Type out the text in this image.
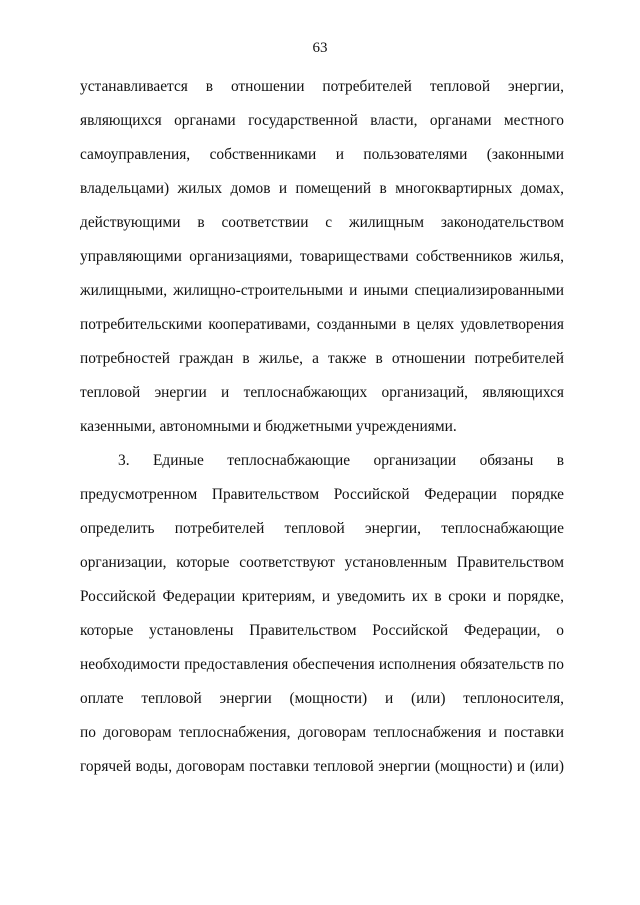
63
устанавливается в отношении потребителей тепловой энергии,
являющихся органами государственной власти, органами местного
самоуправления, собственниками и пользователями (законными
владельцами) жилых домов и помещений в многоквартирных домах,
действующими в соответствии с жилищным законодательством
управляющими организациями, товариществами собственников жилья,
жилищными, жилищно-строительными и иными специализированными
потребительскими кооперативами, созданными в целях удовлетворения
потребностей граждан в жилье, а также в отношении потребителей
тепловой энергии и теплоснабжающих организаций, являющихся
казенными, автономными и бюджетными учреждениями.
3. Единые теплоснабжающие организации обязаны в
предусмотренном Правительством Российской Федерации порядке
определить потребителей тепловой энергии, теплоснабжающие
организации, которые соответствуют установленным Правительством
Российской Федерации критериям, и уведомить их в сроки и порядке,
которые установлены Правительством Российской Федерации, о
необходимости предоставления обеспечения исполнения обязательств по
оплате тепловой энергии (мощности) и (или) теплоносителя,
по договорам теплоснабжения, договорам теплоснабжения и поставки
горячей воды, договорам поставки тепловой энергии (мощности) и (или)
